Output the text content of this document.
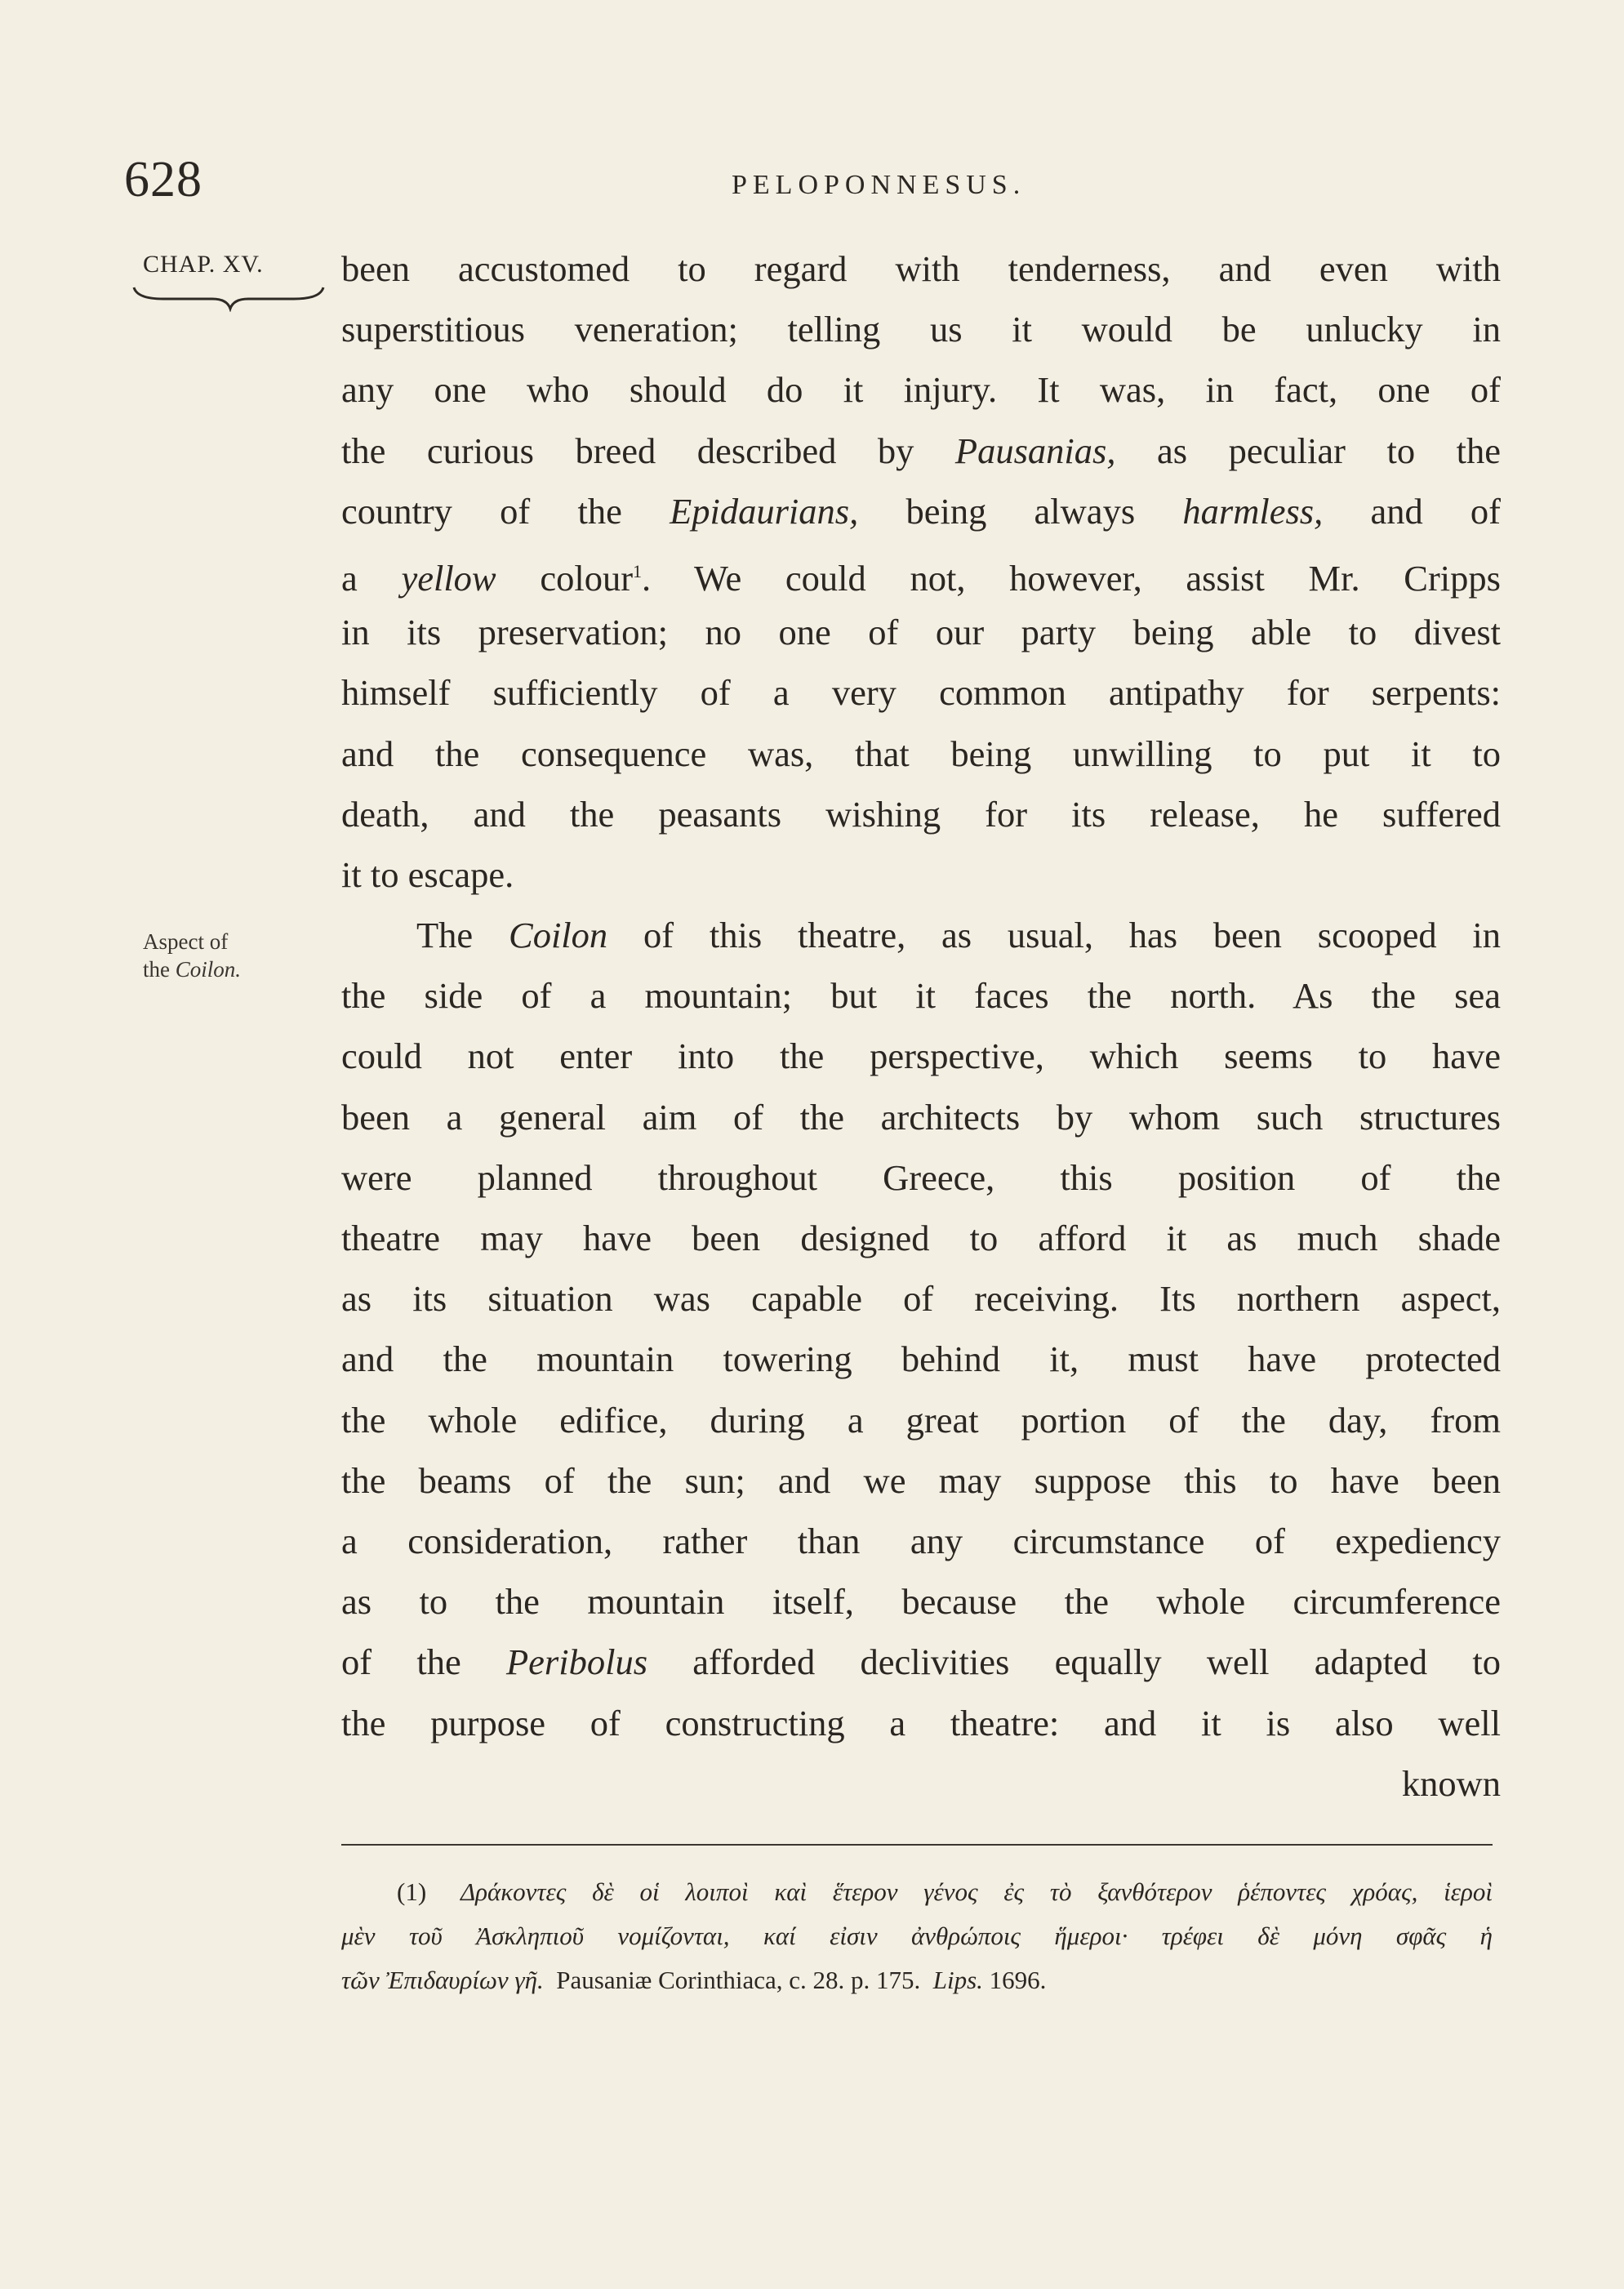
628	PELOPONNESUS.
CHAP. XV.
Aspect of
the Coilon.
been accustomed to regard with tenderness, and even with
superstitious veneration; telling us it would be unlucky in
any one who should do it injury. It was, in fact, one of
the curious breed described by Pausanias, as peculiar to the
country of the Epidaurians, being always harmless, and of
a yellow colour$^1$. We could not, however, assist Mr. Cripps
in its preservation; no one of our party being able to divest
himself sufficiently of a very common antipathy for serpents:
and the consequence was, that being unwilling to put it to
death, and the peasants wishing for its release, he suffered
it to escape.
The Coilon of this theatre, as usual, has been scooped in
the side of a mountain; but it faces the north. As the sea
could not enter into the perspective, which seems to have
been a general aim of the architects by whom such structures
were planned throughout Greece, this position of the
theatre may have been designed to afford it as much shade
as its situation was capable of receiving. Its northern aspect,
and the mountain towering behind it, must have protected
the whole edifice, during a great portion of the day, from
the beams of the sun; and we may suppose this to have been
a consideration, rather than any circumstance of expediency
as to the mountain itself, because the whole circumference
of the Peribolus afforded declivities equally well adapted to
the purpose of constructing a theatre: and it is also well
known
(1) Δράκοντες δὲ οἱ λοιποὶ καὶ ἕτερον γένος ἐς τὸ ξανθότερον ῥέποντες χρόας, ἱεροὶ
μὲν τοῦ Ἀσκληπιοῦ νομίζονται, καί εἰσιν ἀνθρώποις ἥμεροι· τρέφει δὲ μόνη σφᾶς ἡ
τῶν Ἐπιδαυρίων γῆ. Pausaniæ Corinthiaca, c. 28. p. 175. Lips. 1696.
